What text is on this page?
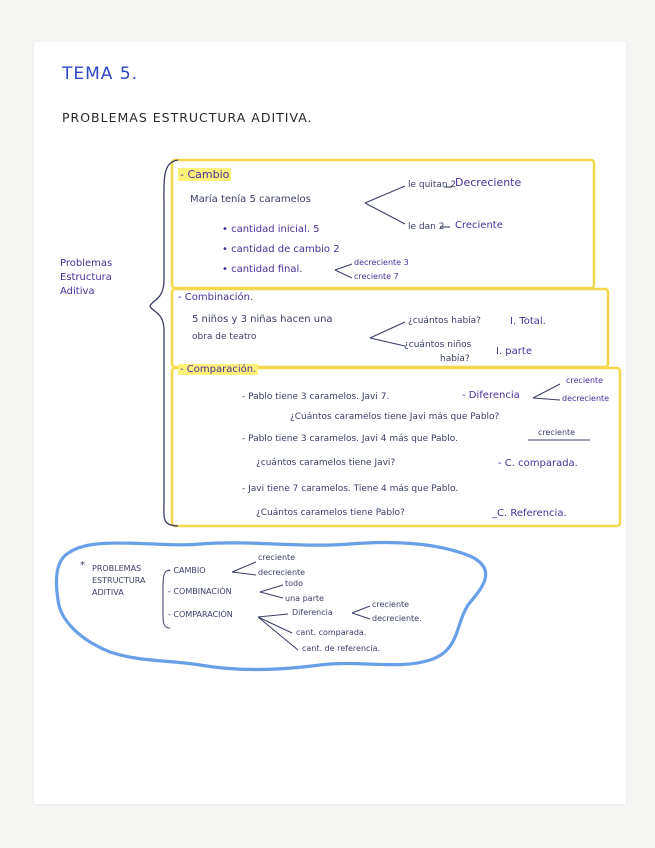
TEMA 5.
PROBLEMAS ESTRUCTURA ADITIVA.
Problemas
Estructura
Aditiva
- Cambio
María tenía 5 caramelos
le quitan 2
Decreciente
le dan 2 Creciente
• cantidad inicial. 5
• cantidad de cambio 2
• cantidad final.
decreciente 3
creciente 7
- Combinación.
5 niños y 3 niñas hacen una
obra de teatro
¿cuántos había?	I. Total.
¿cuántos niños
había?
I. parte
- Comparación.
- Pablo tiene 3 caramelos. Javi 7.	- Diferencia
creciente
decreciente
¿Cuántos caramelos tiene Javi más que Pablo?
- Pablo tiene 3 caramelos. Javi 4 más que Pablo.
creciente
¿cuántos caramelos tiene Javi?	- C. comparada.
- Javi tiene 7 caramelos. Tiene 4 más que Pablo.
¿Cuántos caramelos tiene Pablo?	_C. Referencia.
* PROBLEMAS
ESTRUCTURA
ADITIVA
- CAMBIO
creciente
decreciente
- COMBINACIÓN
todo
una parte
- COMPARACIÓN	Diferencia
creciente
decreciente.
cant. comparada.
cant. de referencia.
